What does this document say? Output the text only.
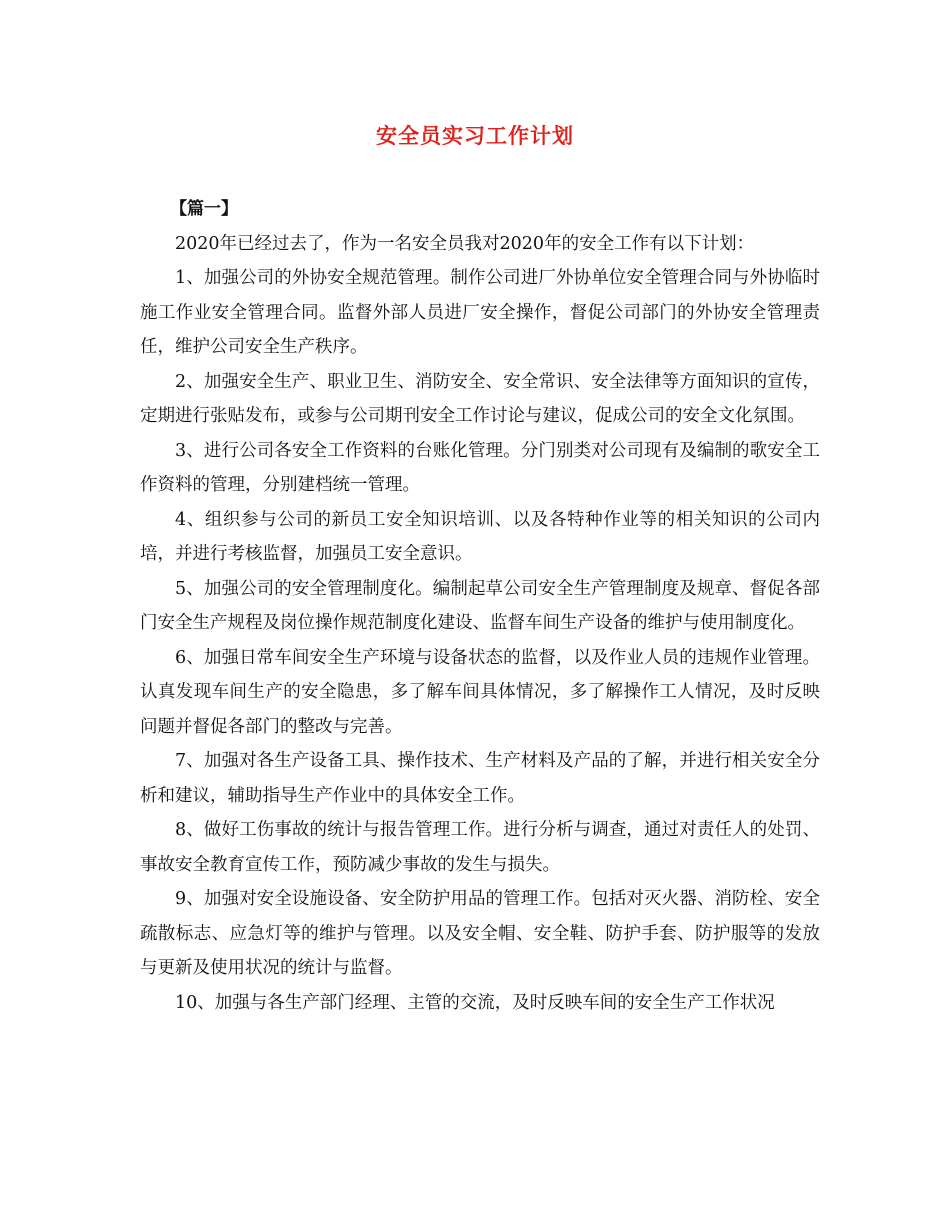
安全员实习工作计划

【篇一】

2020年已经过去了，作为一名安全员我对2020年的安全工作有以下计划：

1、加强公司的外协安全规范管理。制作公司进厂外协单位安全管理合同与外协临时施工作业安全管理合同。监督外部人员进厂安全操作，督促公司部门的外协安全管理责任，维护公司安全生产秩序。

2、加强安全生产、职业卫生、消防安全、安全常识、安全法律等方面知识的宣传，定期进行张贴发布，或参与公司期刊安全工作讨论与建议，促成公司的安全文化氛围。

3、进行公司各安全工作资料的台账化管理。分门别类对公司现有及编制的歌安全工作资料的管理，分别建档统一管理。

4、组织参与公司的新员工安全知识培训、以及各特种作业等的相关知识的公司内培，并进行考核监督，加强员工安全意识。

5、加强公司的安全管理制度化。编制起草公司安全生产管理制度及规章、督促各部门安全生产规程及岗位操作规范制度化建设、监督车间生产设备的维护与使用制度化。

6、加强日常车间安全生产环境与设备状态的监督，以及作业人员的违规作业管理。认真发现车间生产的安全隐患，多了解车间具体情况，多了解操作工人情况，及时反映问题并督促各部门的整改与完善。

7、加强对各生产设备工具、操作技术、生产材料及产品的了解，并进行相关安全分析和建议，辅助指导生产作业中的具体安全工作。

8、做好工伤事故的统计与报告管理工作。进行分析与调查，通过对责任人的处罚、事故安全教育宣传工作，预防减少事故的发生与损失。

9、加强对安全设施设备、安全防护用品的管理工作。包括对灭火器、消防栓、安全疏散标志、应急灯等的维护与管理。以及安全帽、安全鞋、防护手套、防护服等的发放与更新及使用状况的统计与监督。

10、加强与各生产部门经理、主管的交流，及时反映车间的安全生产工作状况
